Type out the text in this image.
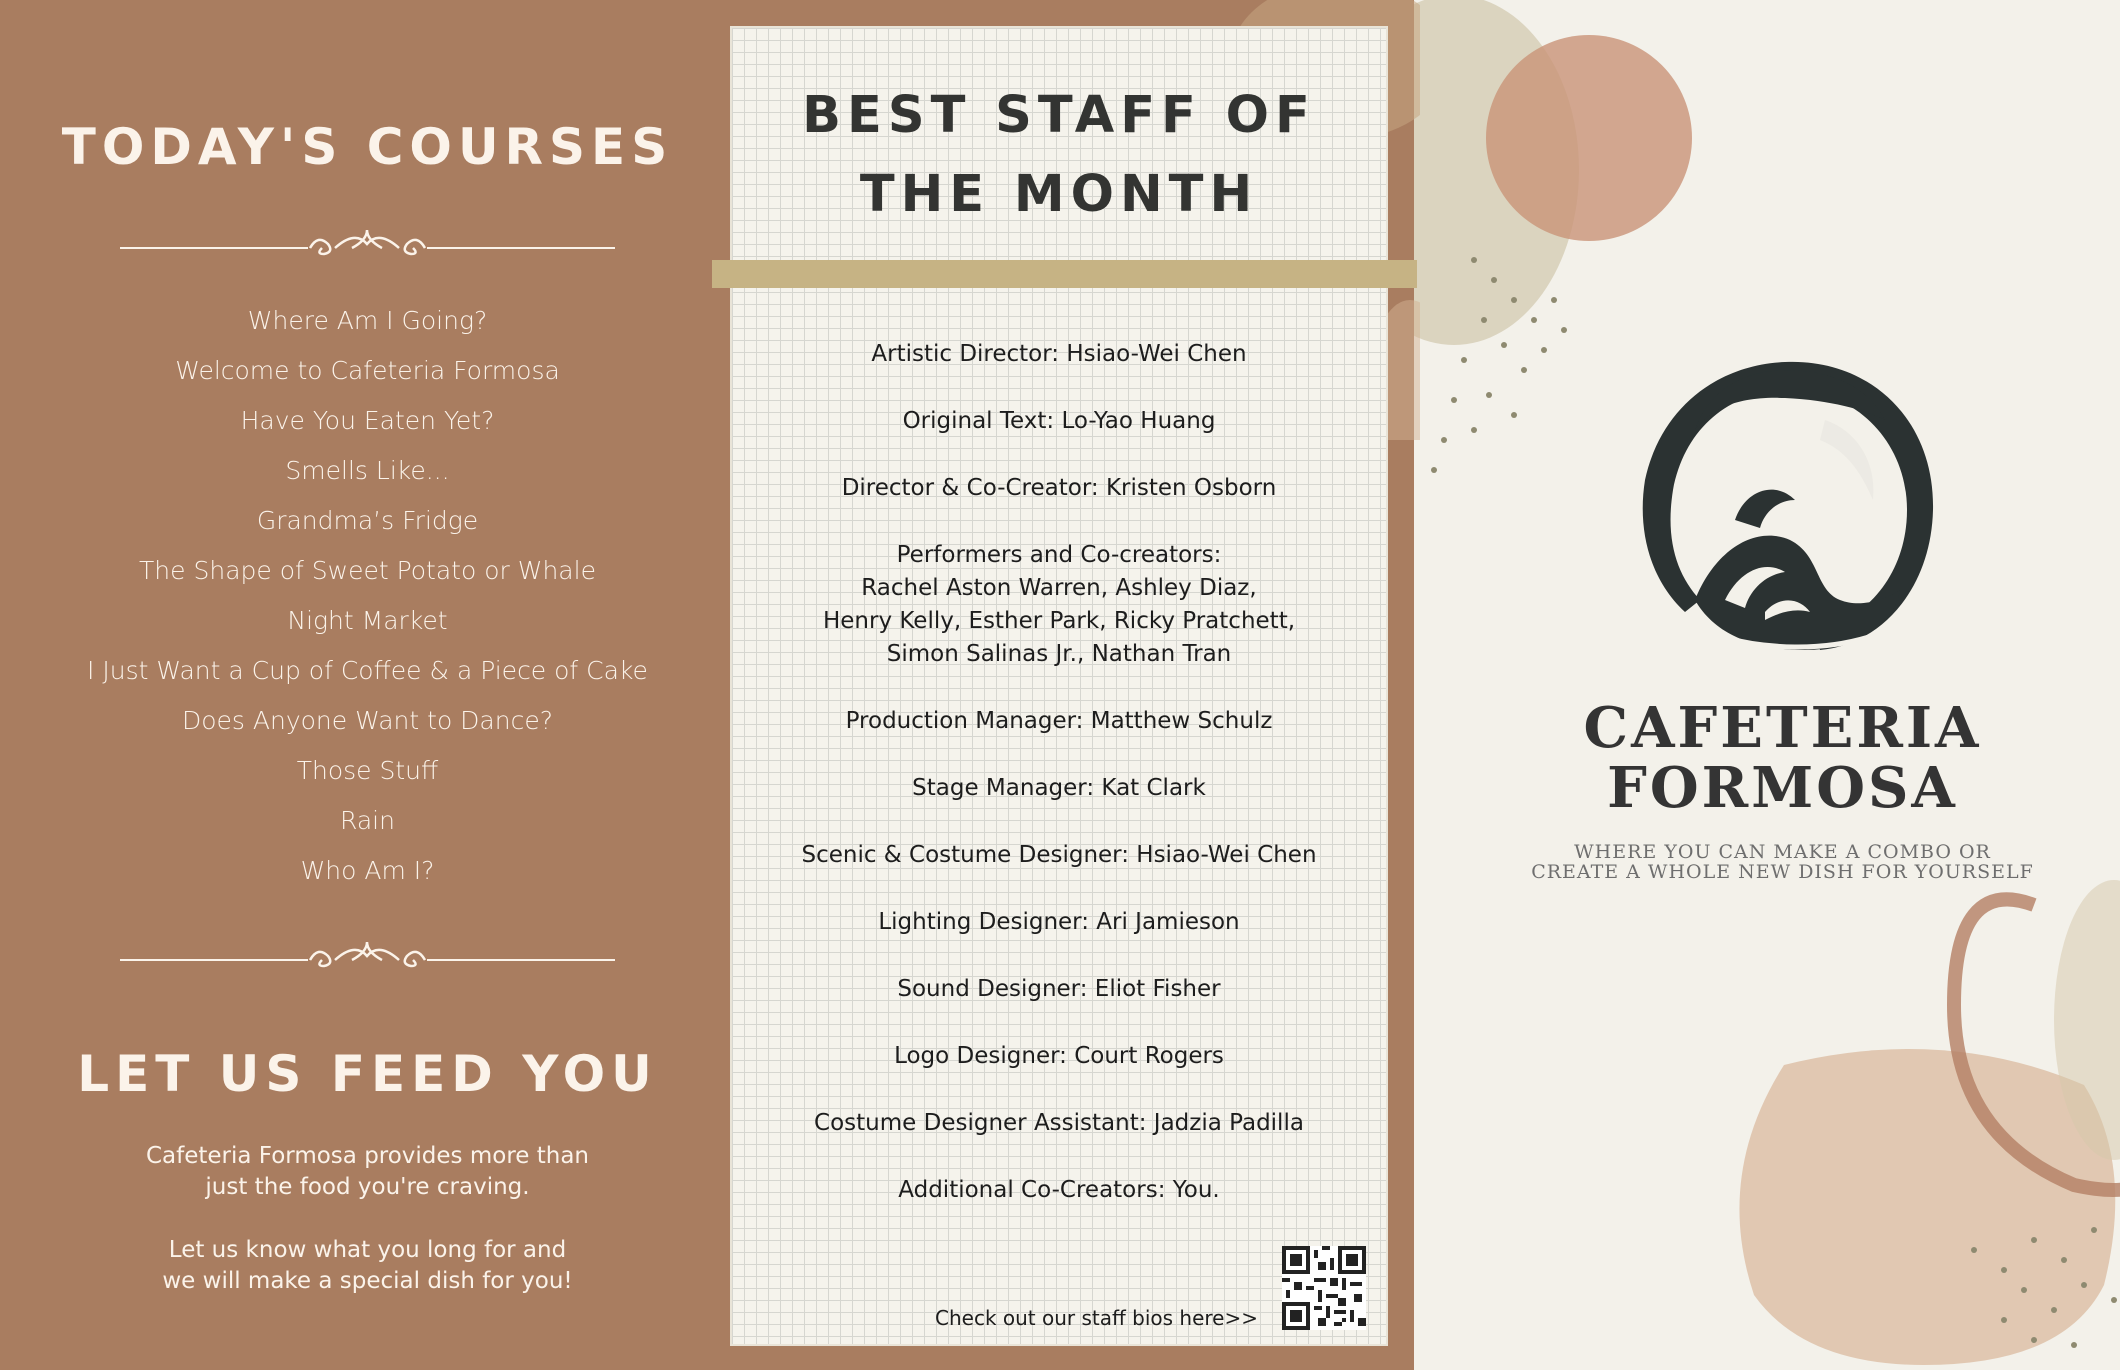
TODAY'S COURSES
Where Am I Going?
Welcome to Cafeteria Formosa
Have You Eaten Yet?
Smells Like...
Grandma’s Fridge
The Shape of Sweet Potato or Whale
Night Market
I Just Want a Cup of Coffee & a Piece of Cake
Does Anyone Want to Dance?
Those Stuff
Rain
Who Am I?
LET US FEED YOU
Cafeteria Formosa provides more than
just the food you're craving.
Let us know what you long for and
we will make a special dish for you!
BEST STAFF OF
THE MONTH
Artistic Director: Hsiao-Wei Chen
Original Text: Lo-Yao Huang
Director & Co-Creator: Kristen Osborn
Performers and Co-creators:
Rachel Aston Warren, Ashley Diaz,
Henry Kelly, Esther Park, Ricky Pratchett,
Simon Salinas Jr., Nathan Tran
Production Manager: Matthew Schulz
Stage Manager: Kat Clark
Scenic & Costume Designer: Hsiao-Wei Chen
Lighting Designer: Ari Jamieson
Sound Designer: Eliot Fisher
Logo Designer: Court Rogers
Costume Designer Assistant: Jadzia Padilla
Additional Co-Creators: You.
Check out our staff bios here>>
CAFETERIA
FORMOSA

WHERE YOU CAN MAKE A COMBO OR
CREATE A WHOLE NEW DISH FOR YOURSELF
